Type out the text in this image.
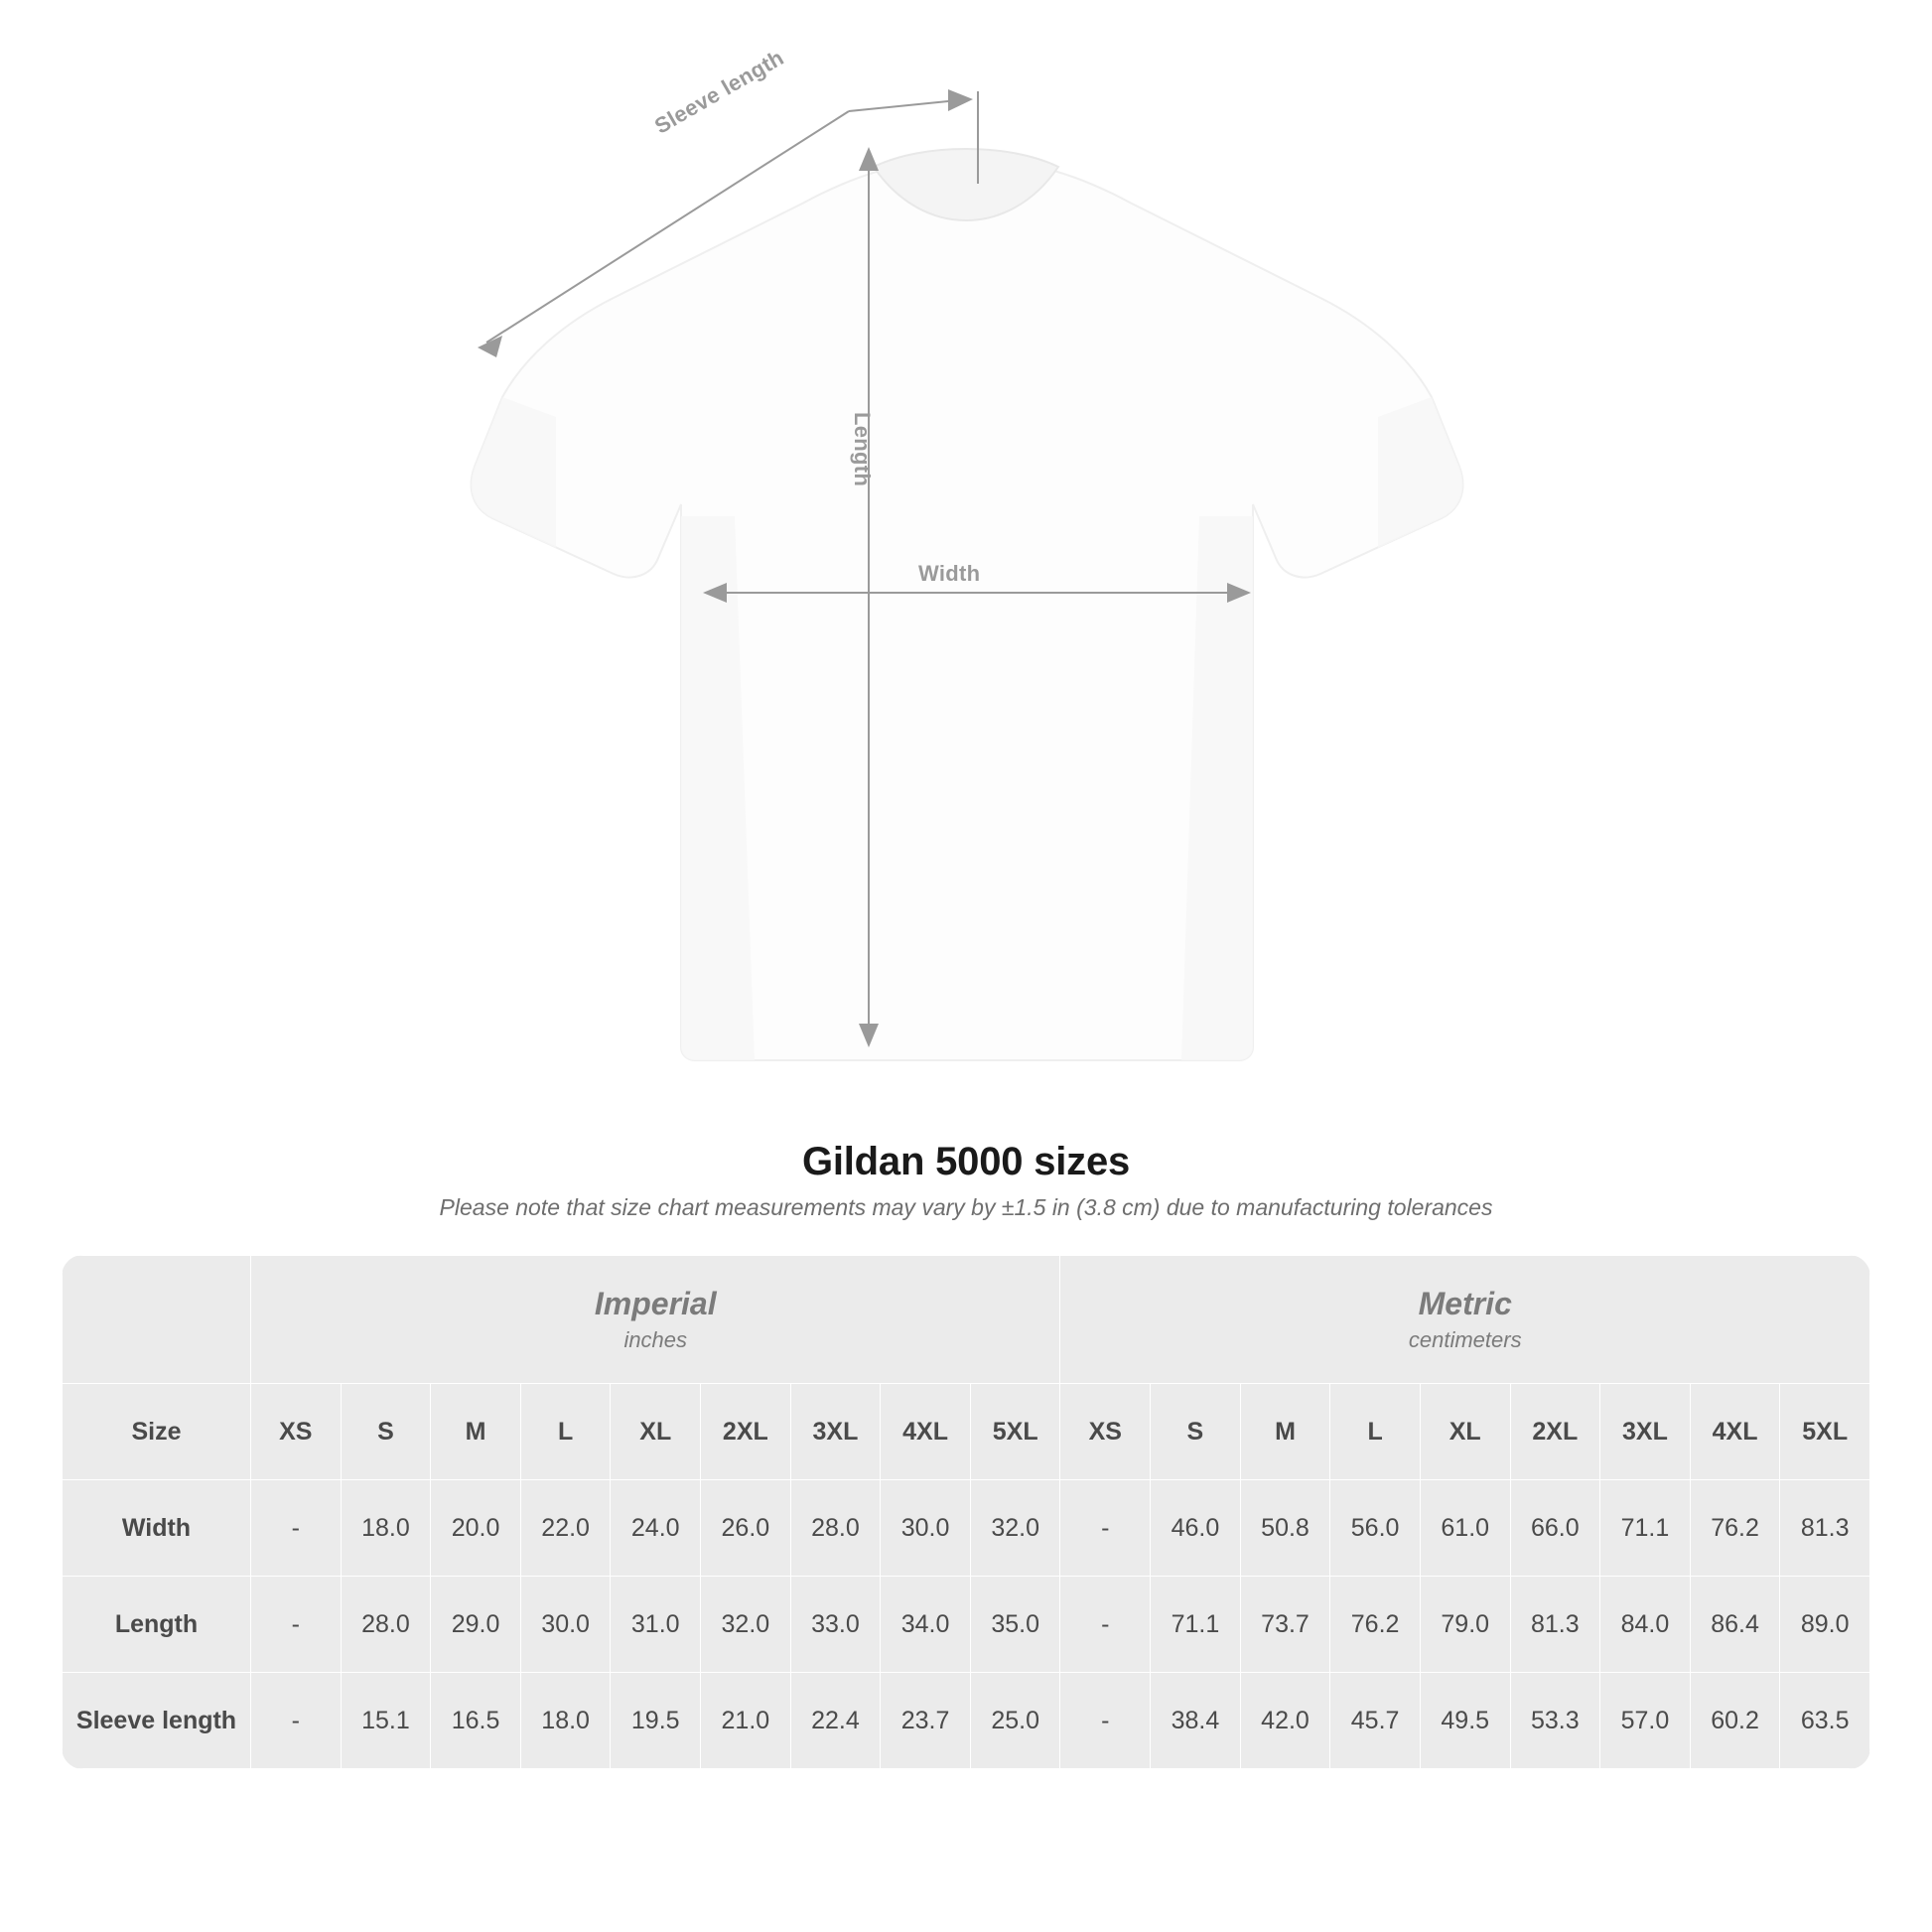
Sleeve length
Length
Width
Gildan 5000 sizes

Please note that size chart measurements may vary by ±1.5 in (3.8 cm) due to manufacturing tolerances

Imperial
inches

Metric
centimeters

Size	XS	S	M	L	XL	2XL	3XL	4XL	5XL	XS	S	M	L	XL	2XL	3XL	4XL	5XL
Width	-	18.0	20.0	22.0	24.0	26.0	28.0	30.0	32.0	-	46.0	50.8	56.0	61.0	66.0	71.1	76.2	81.3
Length	-	28.0	29.0	30.0	31.0	32.0	33.0	34.0	35.0	-	71.1	73.7	76.2	79.0	81.3	84.0	86.4	89.0
Sleeve length	-	15.1	16.5	18.0	19.5	21.0	22.4	23.7	25.0	-	38.4	42.0	45.7	49.5	53.3	57.0	60.2	63.5
